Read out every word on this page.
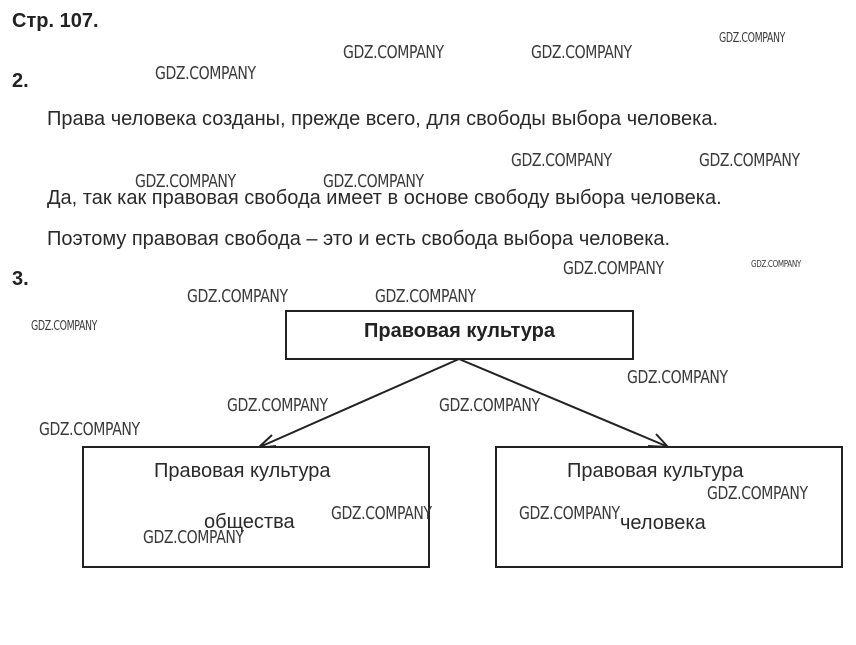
Стр. 107.
2.
Права человека созданы, прежде всего, для свободы выбора человека.
Да, так как правовая свобода имеет в основе свободу выбора человека.
Поэтому правовая свобода – это и есть свобода выбора человека.
3.
Правовая культура
Правовая культура
общества
Правовая культура
человека
GDZ.COMPANY	GDZ.COMPANY
GDZ.COMPANY
GDZ.COMPANY
GDZ.COMPANY	GDZ.COMPANY
GDZ.COMPANY	GDZ.COMPANY
GDZ.COMPANY	GDZ.COMPANY
GDZ.COMPANY	GDZ.COMPANY
GDZ.COMPANY
GDZ.COMPANY
GDZ.COMPANY	GDZ.COMPANY
GDZ.COMPANY
GDZ.COMPANY
GDZ.COMPANY	GDZ.COMPANY
GDZ.COMPANY
